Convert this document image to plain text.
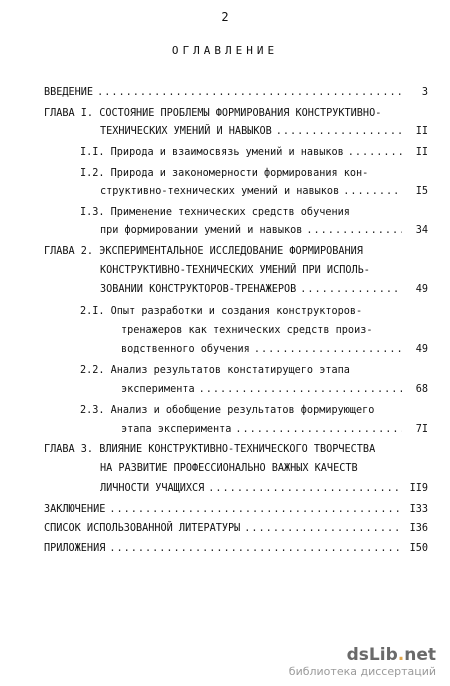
2
ОГЛАВЛЕНИЕ
ВВЕДЕНИЕ .....	3
ГЛАВА I. СОСТОЯНИЕ ПРОБЛЕМЫ ФОРМИРОВАНИЯ КОНСТРУКТИВНО-
ТЕХНИЧЕСКИХ УМЕНИЙ И НАВЫКОВ .....	II
I.I. Природа и взаимосвязь умений и навыков .....	II
I.2. Природа и закономерности формирования кон-
структивно-технических умений и навыков .....	I5
I.3. Применение технических средств обучения
при формировании умений и навыков .....	34
ГЛАВА 2. ЭКСПЕРИМЕНТАЛЬНОЕ ИССЛЕДОВАНИЕ ФОРМИРОВАНИЯ
КОНСТРУКТИВНО-ТЕХНИЧЕСКИХ УМЕНИЙ ПРИ ИСПОЛЬ-
ЗОВАНИИ КОНСТРУКТОРОВ-ТРЕНАЖЕРОВ .....	49
2.I. Опыт разработки и создания конструкторов-
тренажеров как технических средств произ-
водственного обучения .....	49
2.2. Анализ результатов констатирущего этапа
эксперимента .....	68
2.3. Анализ и обобщение результатов формирующего
этапа эксперимента .....	7I
ГЛАВА 3. ВЛИЯНИЕ КОНСТРУКТИВНО-ТЕХНИЧЕСКОГО ТВОРЧЕСТВА
НА РАЗВИТИЕ ПРОФЕССИОНАЛЬНО ВАЖНЫХ КАЧЕСТВ
ЛИЧНОСТИ УЧАЩИХСЯ .....	II9
ЗАКЛЮЧЕНИЕ .....	I33
СПИСОК ИСПОЛЬЗОВАННОЙ ЛИТЕРАТУРЫ .....	I36
ПРИЛОЖЕНИЯ .....	I50
dsLib.net
библиотека диссертаций
